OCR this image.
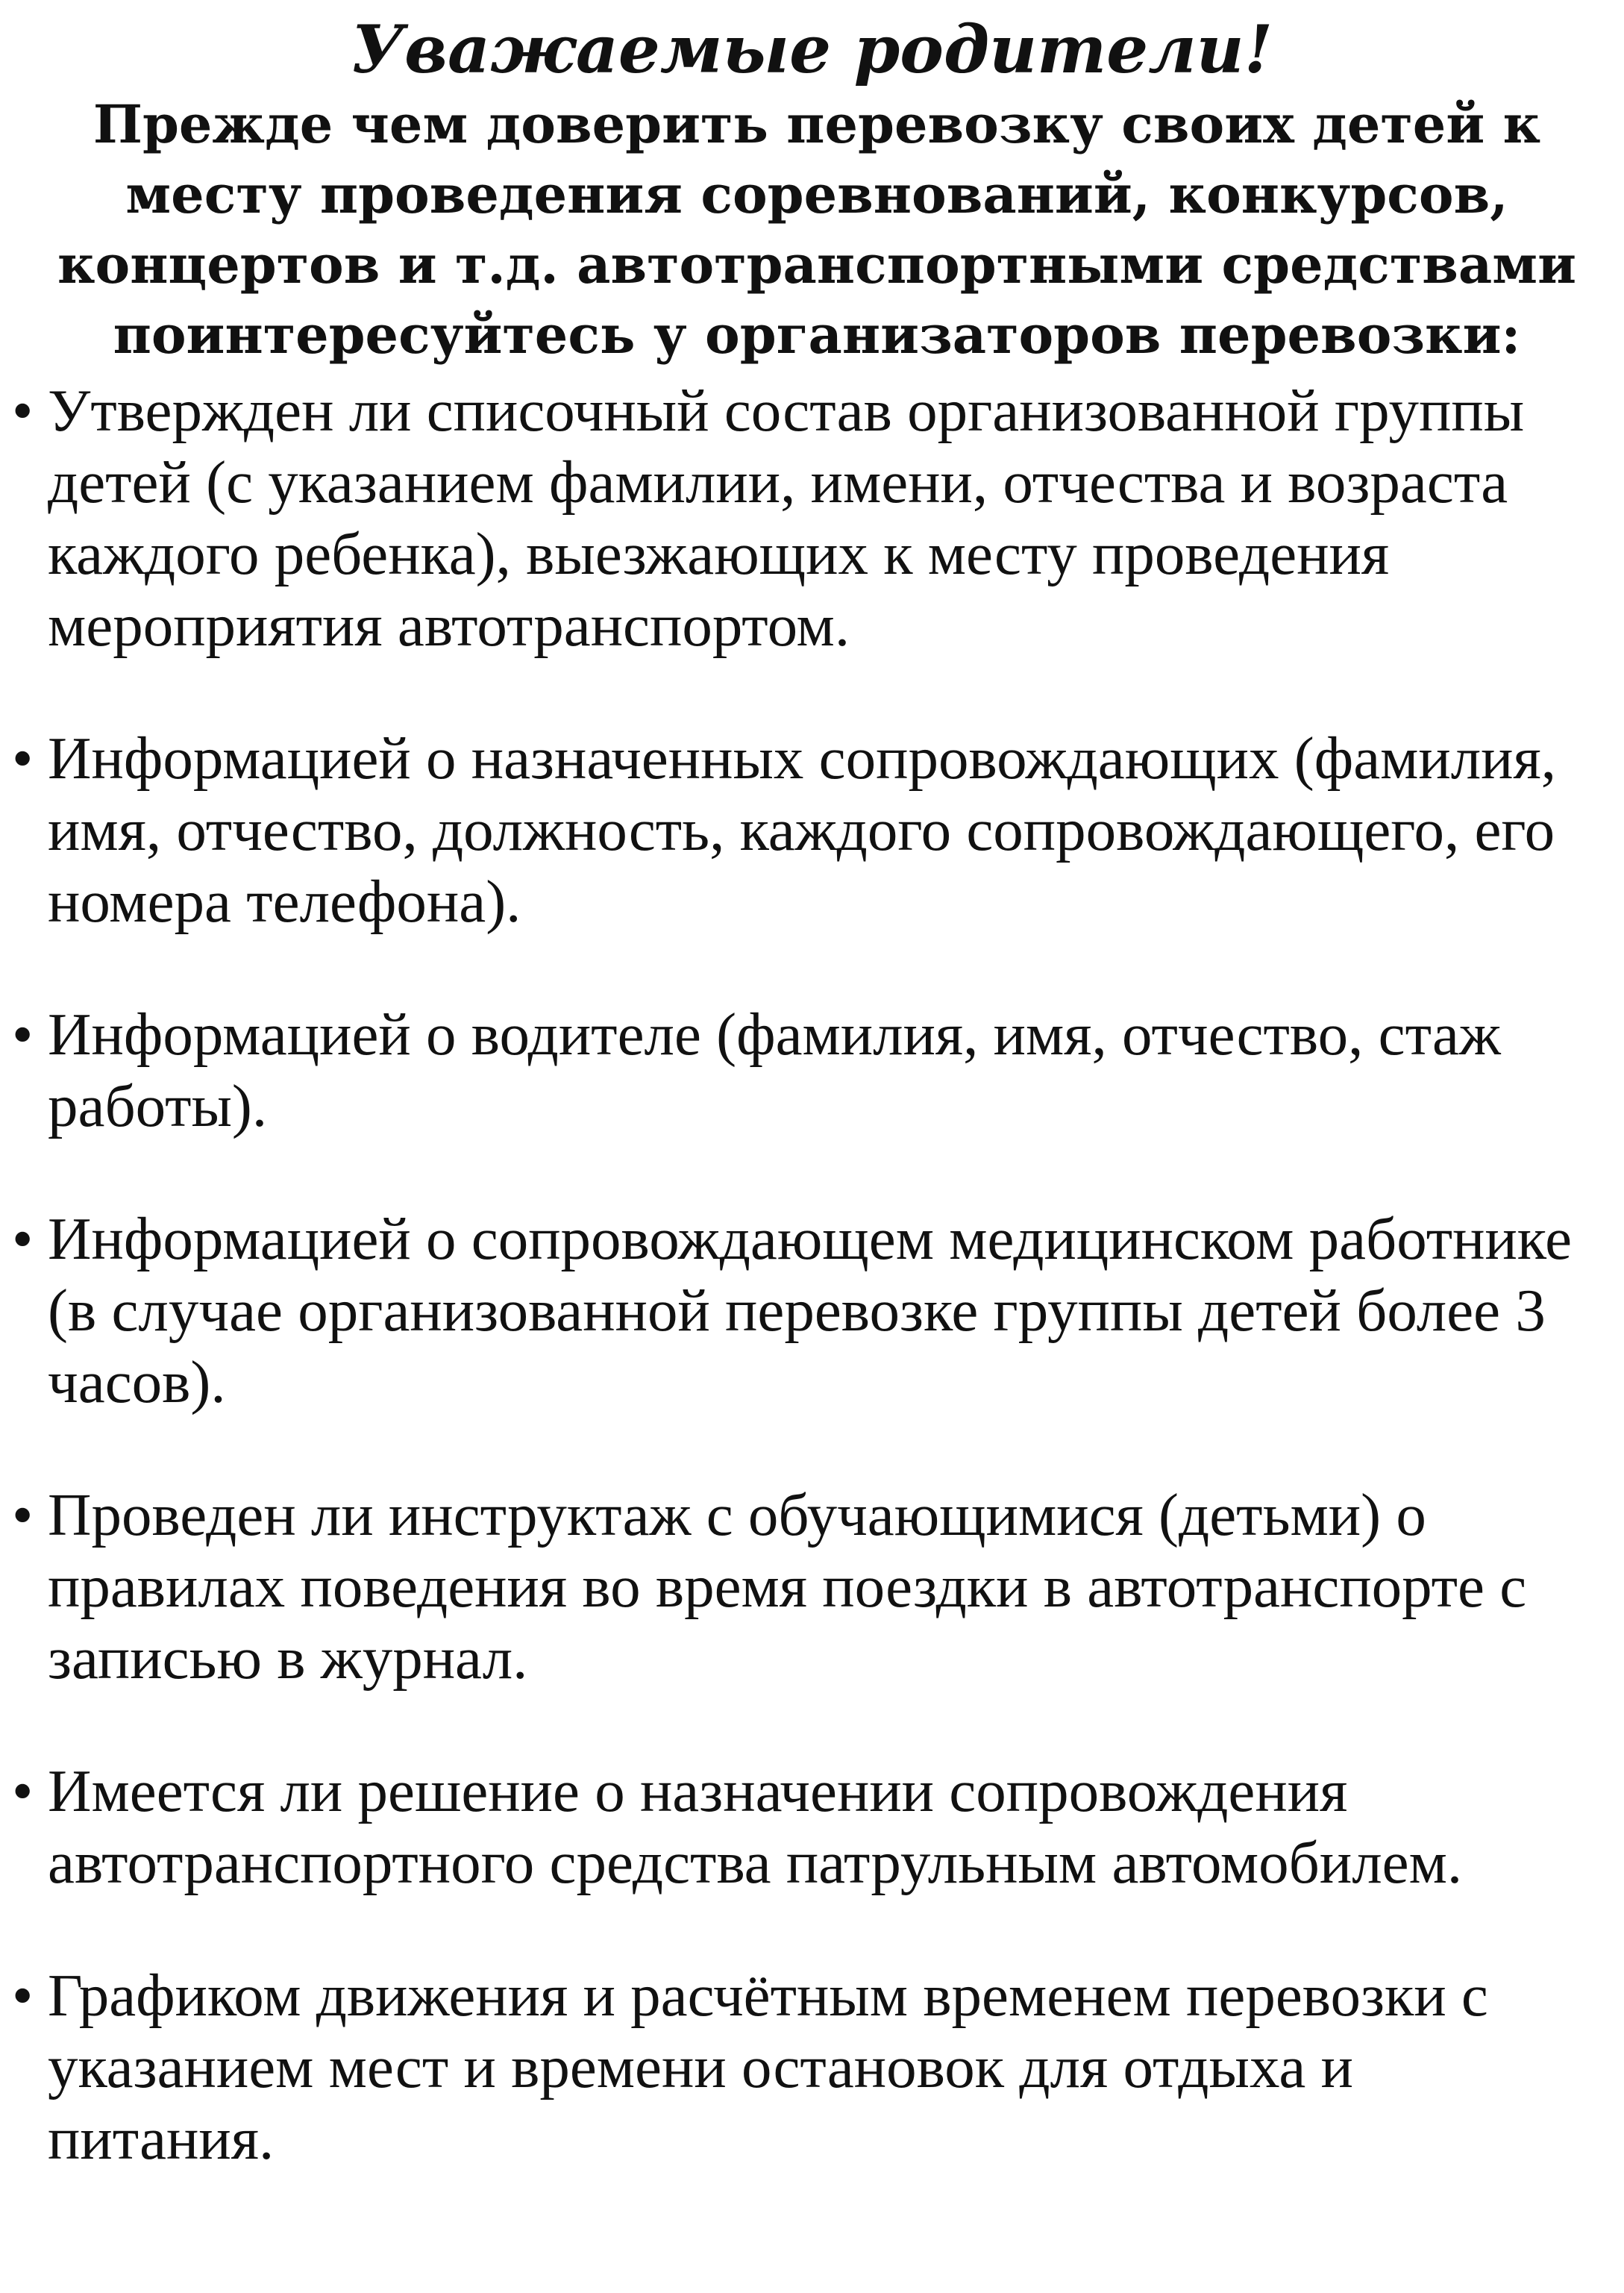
Уважаемые родители!

Прежде чем доверить перевозку своих детей к месту проведения соревнований, конкурсов, концертов и т.д. автотранспортными средствами поинтересуйтесь у организаторов перевозки:

• Утвержден ли списочный состав организованной группы детей (с указанием фамилии, имени, отчества и возраста каждого ребенка), выезжающих к месту проведения мероприятия автотранспортом.
• Информацией о назначенных сопровождающих (фамилия, имя, отчество, должность, каждого сопровождающего, его номера телефона).
• Информацией о водителе (фамилия, имя, отчество, стаж работы).
• Информацией о сопровождающем медицинском работнике (в случае организованной перевозке группы детей более 3 часов).
• Проведен ли инструктаж с обучающимися (детьми) о правилах поведения во время поездки в автотранспорте с записью в журнал.
• Имеется ли решение о назначении сопровождения автотранспортного средства патрульным автомобилем.
• Графиком движения и расчётным временем перевозки с указанием мест и времени остановок для отдыха и питания.
